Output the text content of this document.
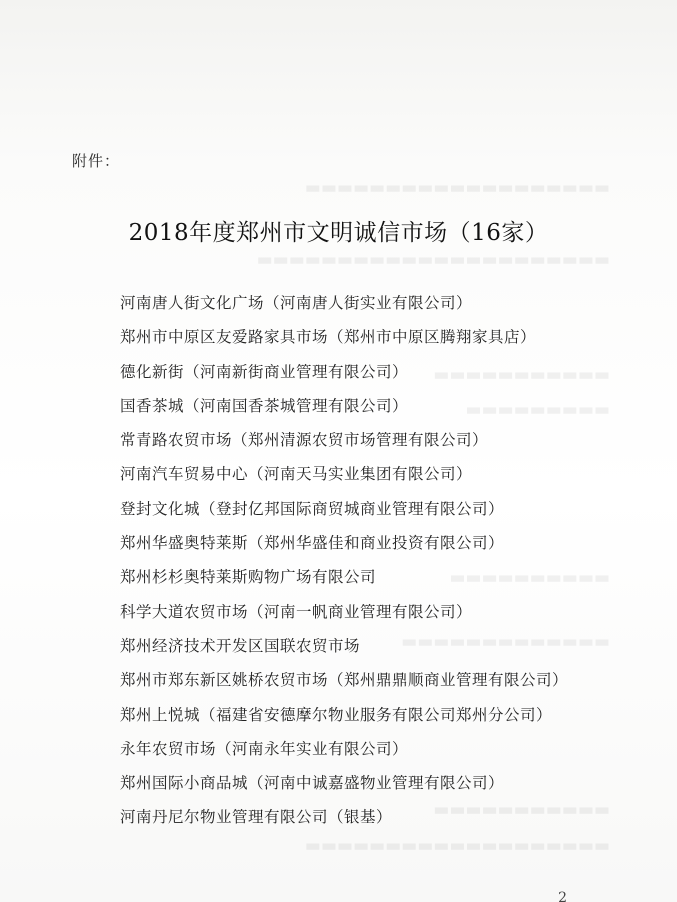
▬▬▬▬▬▬▬▬▬▬▬▬▬▬▬▬▬▬▬
▬▬▬▬▬▬▬▬▬▬▬▬▬▬▬▬▬▬▬▬▬▬
▬▬▬▬▬▬▬▬▬▬▬
▬▬▬▬▬▬▬▬▬
▬▬▬▬▬▬▬▬▬▬
▬▬▬▬▬▬▬▬▬▬▬▬▬
▬▬▬▬▬▬▬▬▬▬▬
▬▬▬▬▬▬▬▬▬▬▬▬▬▬▬▬▬▬▬
附件：
2018年度郑州市文明诚信市场（16家）
河南唐人街文化广场（河南唐人街实业有限公司）
郑州市中原区友爱路家具市场（郑州市中原区腾翔家具店）
德化新街（河南新街商业管理有限公司）
国香茶城（河南国香茶城管理有限公司）
常青路农贸市场（郑州清源农贸市场管理有限公司）
河南汽车贸易中心（河南天马实业集团有限公司）
登封文化城（登封亿邦国际商贸城商业管理有限公司）
郑州华盛奥特莱斯（郑州华盛佳和商业投资有限公司）
郑州杉杉奥特莱斯购物广场有限公司
科学大道农贸市场（河南一帆商业管理有限公司）
郑州经济技术开发区国联农贸市场
郑州市郑东新区姚桥农贸市场（郑州鼎鼎顺商业管理有限公司）
郑州上悦城（福建省安德摩尔物业服务有限公司郑州分公司）
永年农贸市场（河南永年实业有限公司）
郑州国际小商品城（河南中诚嘉盛物业管理有限公司）
河南丹尼尔物业管理有限公司（银基）
2
